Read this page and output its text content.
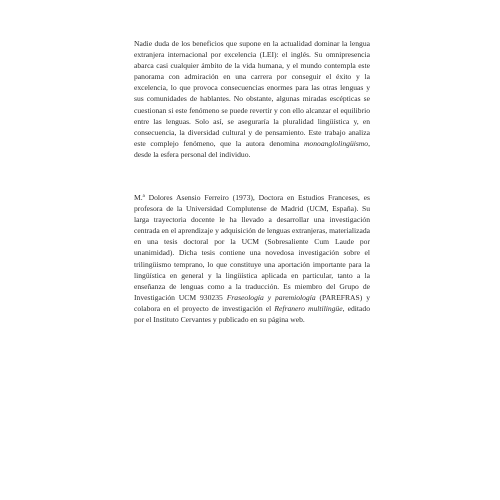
Nadie duda de los beneficios que supone en la actualidad dominar la lengua extranjera internacional por excelencia (LEI): el inglés. Su omnipresencia abarca casi cualquier ámbito de la vida humana, y el mundo contempla este panorama con admiración en una carrera por conseguir el éxito y la excelencia, lo que provoca consecuencias enormes para las otras lenguas y sus comunidades de hablantes. No obstante, algunas miradas escépticas se cuestionan si este fenómeno se puede revertir y con ello alcanzar el equilibrio entre las lenguas. Solo así, se aseguraría la pluralidad lingüística y, en consecuencia, la diversidad cultural y de pensamiento. Este trabajo analiza este complejo fenómeno, que la autora denomina monoanglolingüismo, desde la esfera personal del individuo.

M.ª Dolores Asensio Ferreiro (1973), Doctora en Estudios Franceses, es profesora de la Universidad Complutense de Madrid (UCM, España). Su larga trayectoria docente le ha llevado a desarrollar una investigación centrada en el aprendizaje y adquisición de lenguas extranjeras, materializada en una tesis doctoral por la UCM (Sobresaliente Cum Laude por unanimidad). Dicha tesis contiene una novedosa investigación sobre el trilingüismo temprano, lo que constituye una aportación importante para la lingüística en general y la lingüística aplicada en particular, tanto a la enseñanza de lenguas como a la traducción. Es miembro del Grupo de Investigación UCM 930235 Fraseología y paremiología (PAREFRAS) y colabora en el proyecto de investigación el Refranero multilingüe, editado por el Instituto Cervantes y publicado en su página web.
